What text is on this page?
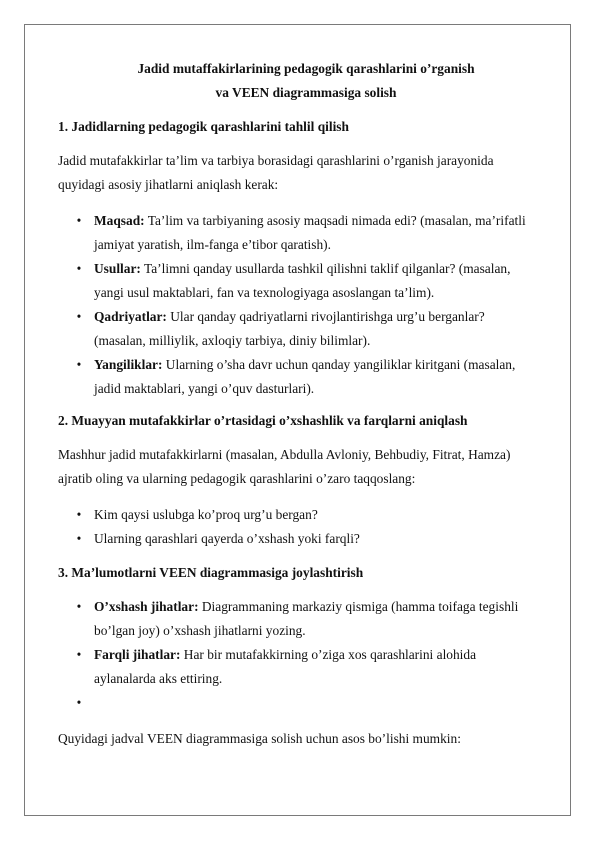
Jadid mutaffakirlarining pedagogik qarashlarini o’rganish
va VEEN diagrammasiga solish

1. Jadidlarning pedagogik qarashlarini tahlil qilish

Jadid mutafakkirlar ta’lim va tarbiya borasidagi qarashlarini o’rganish jarayonida
quyidagi asosiy jihatlarni aniqlash kerak:

• Maqsad: Ta’lim va tarbiyaning asosiy maqsadi nimada edi? (masalan, ma’rifatli
jamiyat yaratish, ilm-fanga e’tibor qaratish).
• Usullar: Ta’limni qanday usullarda tashkil qilishni taklif qilganlar? (masalan,
yangi usul maktablari, fan va texnologiyaga asoslangan ta’lim).
• Qadriyatlar: Ular qanday qadriyatlarni rivojlantirishga urg’u berganlar?
(masalan, milliylik, axloqiy tarbiya, diniy bilimlar).
• Yangiliklar: Ularning o’sha davr uchun qanday yangiliklar kiritgani (masalan,
jadid maktablari, yangi o’quv dasturlari).

2. Muayyan mutafakkirlar o’rtasidagi o’xshashlik va farqlarni aniqlash

Mashhur jadid mutafakkirlarni (masalan, Abdulla Avloniy, Behbudiy, Fitrat, Hamza)
ajratib oling va ularning pedagogik qarashlarini o’zaro taqqoslang:

• Kim qaysi uslubga ko’proq urg’u bergan?
• Ularning qarashlari qayerda o’xshash yoki farqli?

3. Ma’lumotlarni VEEN diagrammasiga joylashtirish

• O’xshash jihatlar: Diagrammaning markaziy qismiga (hamma toifaga tegishli
bo’lgan joy) o’xshash jihatlarni yozing.
• Farqli jihatlar: Har bir mutafakkirning o’ziga xos qarashlarini alohida
aylanalarda aks ettiring.
•

Quyidagi jadval VEEN diagrammasiga solish uchun asos bo’lishi mumkin:
